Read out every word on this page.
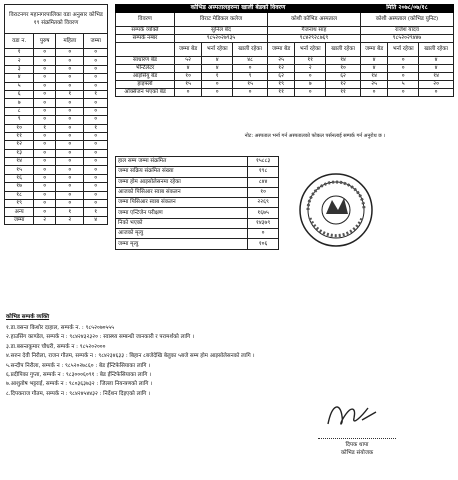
विराटनगर महानगरपालिका वडा अनुसार कोभिड १९ संक्रमितको विवरण			
वडा न.	पुरुष	महिला	जम्मा
१	०	०	०
२	०	०	०
३	०	०	०
४	०	०	०
५	०	०	०
६	०	१	१
७	०	०	०
८	०	०	०
९	०	०	०
१०	१	०	१
११	०	०	०
१२	०	०	०
१३	०	०	०
१४	०	०	०
१५	०	०	०
१६	०	०	०
१७	०	०	०
१८	०	०	०
१९	०	०	०
अन्य	०	१	१
जम्मा	२	२	४
कोभिड अस्पतालहरुमा खाली बेडको विवरण							मिति २०७८/०७/१८		
विवरण	विराट मेडिकल कलेज			कोशी कोभिड अस्पताल			कोशी अस्पताल (कोभिड युनिट)		
सम्पर्क व्यक्ति	सुनिल बेद			गैजनाथ साह			राजेश यादव		
सम्पर्क नम्बर	९८५२०२७९३५			९८४२९२८७६९			९८५२०२९४४७		
	जम्मा बेड	भर्ना रहेका	खाली रहेका	जम्मा बेड	भर्ना रहेका	खाली रहेका	जम्मा बेड	भर्ना रहेका	खाली रहेका
साधारण बेड	५२	४	४८	२५	११	१४	४	०	४
भेन्टिलेटर	४	४	०	१२	२	१०	४	०	४
आइसियु बेड	१०	१	९	६२	०	६२	१४	०	१४
हाइफ्लो	१५	०	१५	१९	७	१२	२५	५	२०
अक्सिजन भएको बेड	०	०	०	११	०	११	०	०	०
नोट: अस्पताल भर्ना गर्न अस्पतालको फोकल पर्सनलाई सम्पर्क गर्न अनुरोध छ ।
हाल सम्म जम्मा संक्रमित	१५८८३
जम्मा सक्रिय संक्रमित संख्या	१९८
जम्मा होम आइसोलेसनमा रहेका	८४४
आजको पिसिआर स्वाब संकलन	१०
जम्मा पिसिआर स्वाब संकलन	२२६९
जम्मा एन्टिजेन परीक्षण	१६७५
निको भएको	१४३७९
आजको मृत्यु	०
जम्मा मृत्यु	१०६
कोभिड सम्पर्क व्यक्ति
१.डा.वसन्त किशोर दाहाल, सम्पर्क न. : ९८५२०७०५५५
२.हाउसिंग काण्डेल, सम्पर्क न : ९८४२४३२३२० : स्वास्थ्य सम्बन्धी जानकारी र परामर्शको लागि ।
३.डा.बसन्तकुमार चौधरी, सम्पर्क न : ९८५२०२०००
४.सरुन देवी निरौला, राजन गौतम, सम्पर्क न : ९८४२३४६३३ : बिहान ८बजेदेखि बेलुका ५बजे सम्म होम आइसोलेसनको लागि ।
५.सन्दीप निरौला, सम्पर्क न : ९८५२०२७८६० : बेड ईन्टिफेसियाका लागि ।
६.प्रदीपिका गुप्ता, सम्पर्क न : ९८३०००६०९१ : बेड ईन्टिफेसियाका लागि ।
७.आशुतोष भट्टराई, सम्पर्क न : ९८०३६३७३२ : जिल्ला नियन्त्रणको लागि ।
८.दिपकराज गौतम, सम्पर्क न : ९८४२४५४४३२ : निर्देशन दिइएको लागि ।
दिपक थापा
कोभिड संयोजक
